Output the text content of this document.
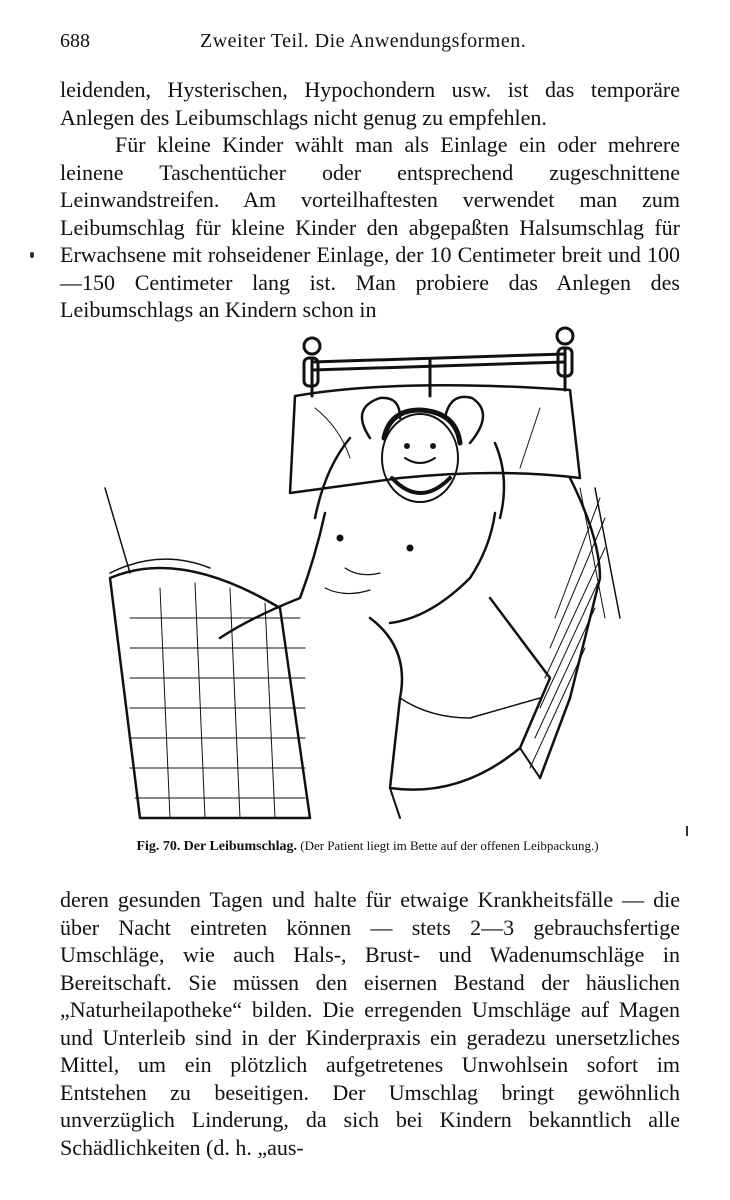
688	Zweiter Teil. Die Anwendungsformen.

leidenden, Hysterischen, Hypochondern usw. ist das temporäre Anlegen des Leibumschlags nicht genug zu empfehlen.

Für kleine Kinder wählt man als Einlage ein oder mehrere leinene Taschentücher oder entsprechend zugeschnittene Leinwandstreifen. Am vorteilhaftesten verwendet man zum Leibumschlag für kleine Kinder den abgepaßten Halsumschlag für Erwachsene mit rohseidener Einlage, der 10 Centimeter breit und 100—150 Centimeter lang ist. Man probiere das Anlegen des Leibumschlags an Kindern schon in

Fig. 70. Der Leibumschlag. (Der Patient liegt im Bette auf der offenen Leibpackung.)

deren gesunden Tagen und halte für etwaige Krankheitsfälle — die über Nacht eintreten können — stets 2—3 gebrauchsfertige Umschläge, wie auch Hals-, Brust- und Wadenumschläge in Bereitschaft. Sie müssen den eisernen Bestand der häuslichen „Naturheilapotheke“ bilden. Die erregenden Umschläge auf Magen und Unterleib sind in der Kinderpraxis ein geradezu unersetzliches Mittel, um ein plötzlich aufgetretenes Unwohlsein sofort im Entstehen zu beseitigen. Der Umschlag bringt gewöhnlich unverzüglich Linderung, da sich bei Kindern bekanntlich alle Schädlichkeiten (d. h. „aus-
